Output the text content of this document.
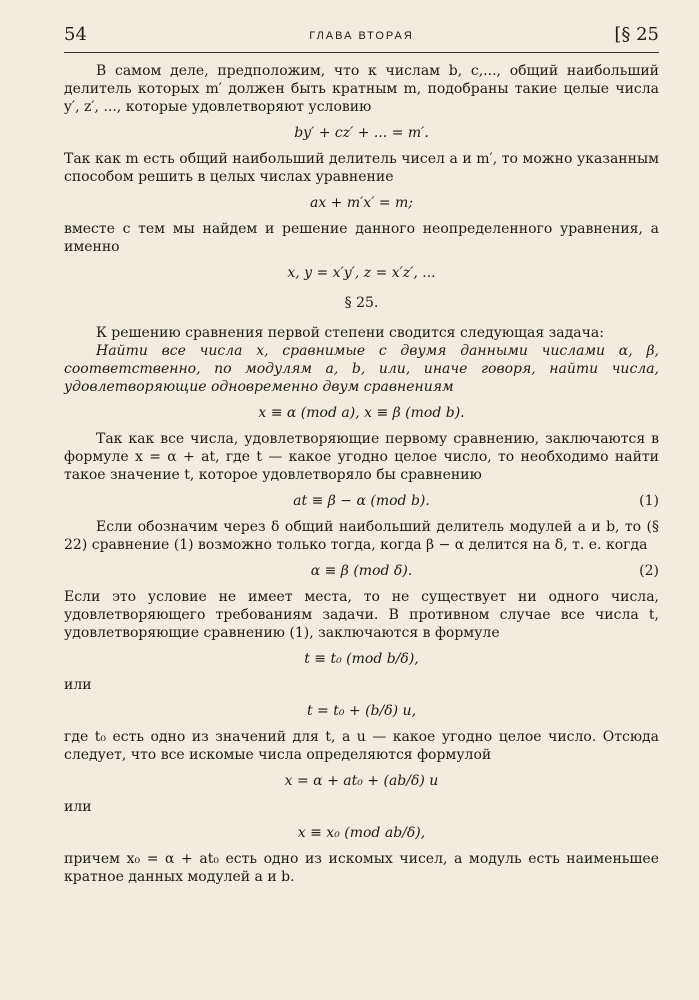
54	ГЛАВА ВТОРАЯ	[§ 25

В самом деле, предположим, что к числам b, c,..., общий наибольший делитель которых m′ должен быть кратным m, подобраны такие целые числа y′, z′, ..., которые удовлетворяют условию

by′ + cz′ + ... = m′.

Так как m есть общий наибольший делитель чисел a и m′, то можно указанным способом решить в целых числах уравнение

ax + m′x′ = m;

вместе с тем мы найдем и решение данного неопределенного уравнения, а именно

x, y = x′y′, z = x′z′, ...
§ 25.

К решению сравнения первой степени сводится следующая задача:

Найти все числа x, сравнимые с двумя данными числами α, β, соответственно, по модулям a, b, или, иначе говоря, найти числа, удовлетворяющие одновременно двум сравнениям

x ≡ α (mod a), x ≡ β (mod b).

Так как все числа, удовлетворяющие первому сравнению, заключаются в формуле x = α + at, где t — какое угодно целое число, то необходимо найти такое значение t, которое удовлетворяло бы сравнению

at ≡ β − α (mod b).	(1)

Если обозначим через δ общий наибольший делитель модулей a и b, то (§ 22) сравнение (1) возможно только тогда, когда β − α делится на δ, т. е. когда

α ≡ β (mod δ).	(2)

Если это условие не имеет места, то не существует ни одного числа, удовлетворяющего требованиям задачи. В противном случае все числа t, удовлетворяющие сравнению (1), заключаются в формуле

t ≡ t₀ (mod b/δ),

или

t = t₀ + (b/δ) u,

где t₀ есть одно из значений для t, а u — какое угодно целое число. Отсюда следует, что все искомые числа определяются формулой

x = α + at₀ + (ab/δ) u

или

x ≡ x₀ (mod ab/δ),

причем x₀ = α + at₀ есть одно из искомых чисел, а модуль есть наименьшее кратное данных модулей a и b.
